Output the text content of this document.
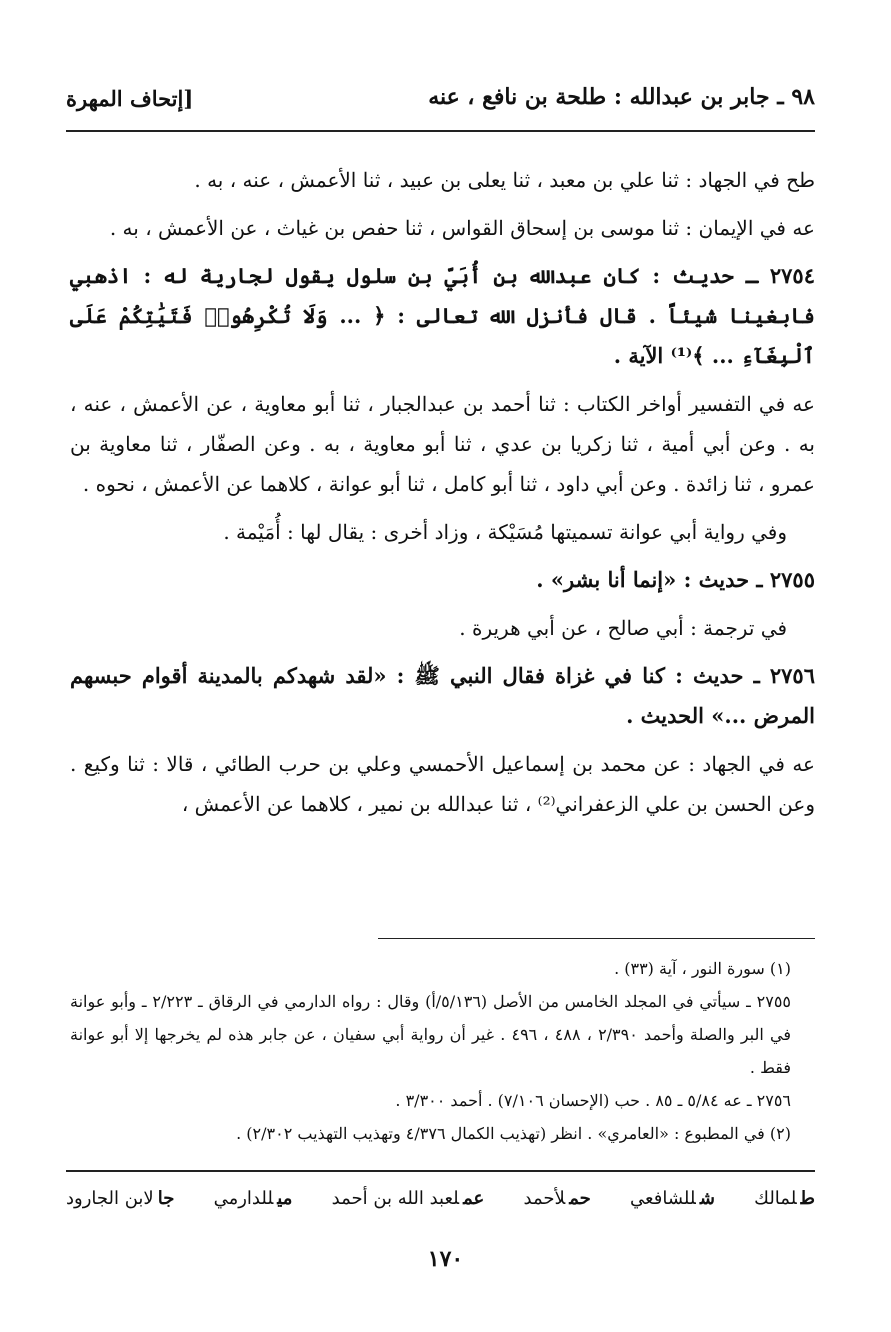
٩٨ ـ جابر بن عبدالله : طلحة بن نافع ، عنه
[إتحاف المهرة

طح في الجهاد : ثنا علي بن معبد ، ثنا يعلى بن عبيد ، ثنا الأعمش ، عنه ، به .

عه في الإيمان : ثنا موسى بن إسحاق القواس ، ثنا حفص بن غياث ، عن الأعمش ، به .

٢٧٥٤ ـ حديث : كان عبدالله بن أُبَيّ بن سلول يقول لجارية له : اذهبي فابغينا شيئاً . قال فأنزل الله تعالى : ﴿ ... وَلَا تُكْرِهُوا۟ فَتَيَٰتِكُمْ عَلَى ٱلْبِغَآءِ ... ﴾⁽¹⁾ الآية .

عه في التفسير أواخر الكتاب : ثنا أحمد بن عبدالجبار ، ثنا أبو معاوية ، عن الأعمش ، عنه ، به . وعن أبي أمية ، ثنا زكريا بن عدي ، ثنا أبو معاوية ، به . وعن الصفّار ، ثنا معاوية بن عمرو ، ثنا زائدة . وعن أبي داود ، ثنا أبو كامل ، ثنا أبو عوانة ، كلاهما عن الأعمش ، نحوه .

وفي رواية أبي عوانة تسميتها مُسَيْكة ، وزاد أخرى : يقال لها : أُمَيْمة .

٢٧٥٥ ـ حديث : «إنما أنا بشر» .

في ترجمة : أبي صالح ، عن أبي هريرة .

٢٧٥٦ ـ حديث : كنا في غزاة فقال النبي ﷺ : «لقد شهدكم بالمدينة أقوام حبسهم المرض ...» الحديث .

عه في الجهاد : عن محمد بن إسماعيل الأحمسي وعلي بن حرب الطائي ، قالا : ثنا وكيع . وعن الحسن بن علي الزعفراني⁽²⁾ ، ثنا عبدالله بن نمير ، كلاهما عن الأعمش ،

(١) سورة النور ، آية (٣٣) .

٢٧٥٥ ـ سيأتي في المجلد الخامس من الأصل (٥/١٣٦/أ) وقال : رواه الدارمي في الرقاق ـ ٢/٢٢٣ ـ وأبو عوانة في البر والصلة وأحمد ٢/٣٩٠ ، ٤٨٨ ، ٤٩٦ . غير أن رواية أبي سفيان ، عن جابر هذه لم يخرجها إلا أبو عوانة فقط .

٢٧٥٦ ـ عه ٥/٨٤ ـ ٨٥ . حب (الإحسان ٧/١٠٦) . أحمد ٣/٣٠٠ .

(٢) في المطبوع : «العامري» . انظر (تهذيب الكمال ٤/٣٧٦ وتهذيب التهذيب ٢/٣٠٢) .

طلمالك
شللشافعي
حملأحمد
عملعبد الله بن أحمد
ميللدارمي
جالابن الجارود
١٧٠
